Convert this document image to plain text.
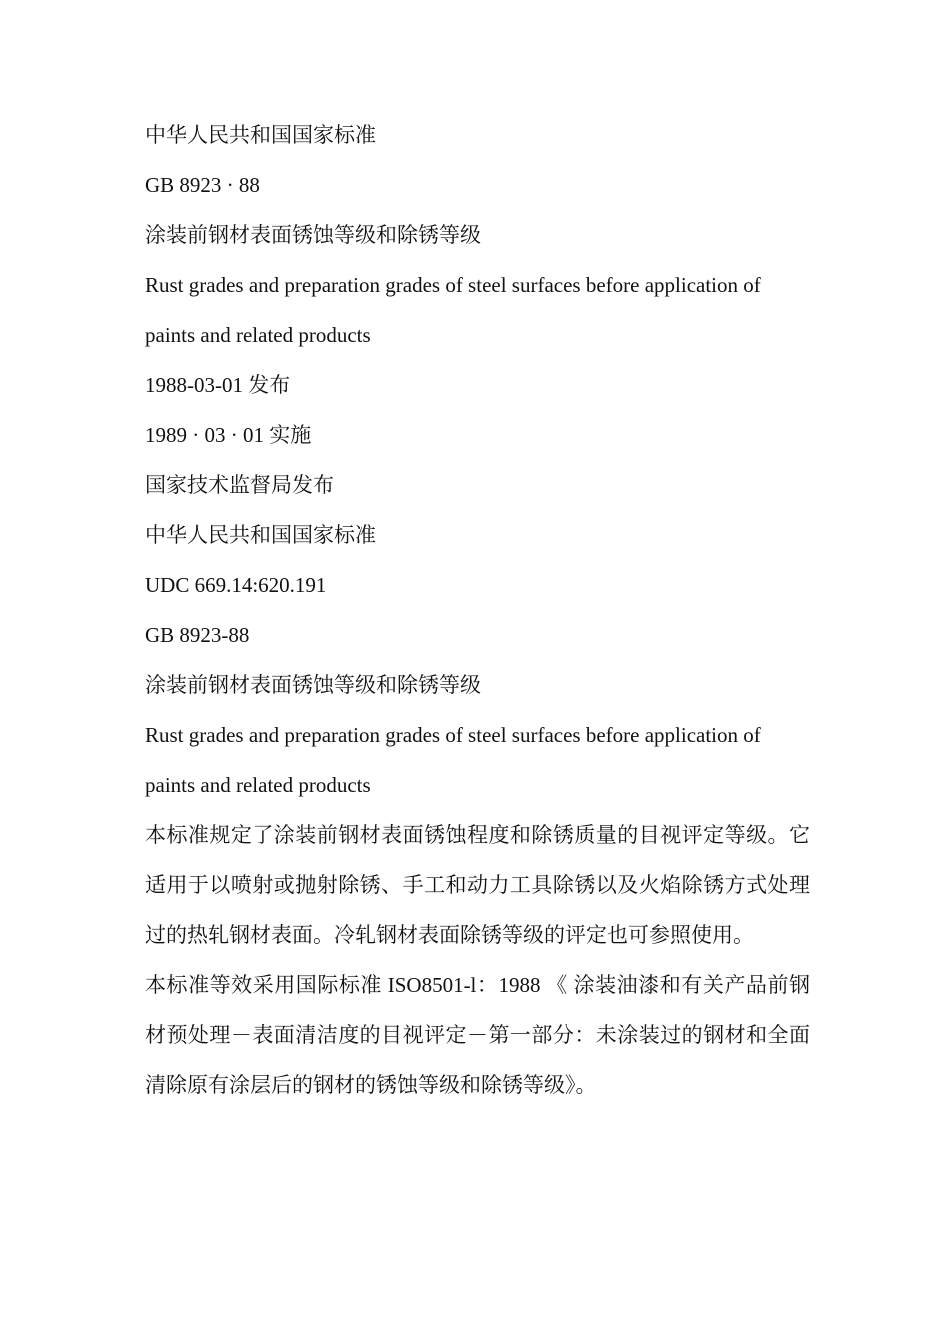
中华人民共和国国家标准
GB 8923 · 88
涂装前钢材表面锈蚀等级和除锈等级
Rust grades and preparation grades of steel surfaces before application of paints and related products
1988-03-01 发布
1989 · 03 · 01 实施
国家技术监督局发布
中华人民共和国国家标准
UDC 669.14:620.191
GB 8923-88
涂装前钢材表面锈蚀等级和除锈等级
Rust grades and preparation grades of steel surfaces before application of paints and related products

本标准规定了涂装前钢材表面锈蚀程度和除锈质量的目视评定等级。它适用于以喷射或抛射除锈、手工和动力工具除锈以及火焰除锈方式处理过的热轧钢材表面。冷轧钢材表面除锈等级的评定也可参照使用。

本标准等效采用国际标准 ISO8501-l：1988 《 涂装油漆和有关产品前钢材预处理－表面清洁度的目视评定－第一部分：未涂装过的钢材和全面清除原有涂层后的钢材的锈蚀等级和除锈等级》。
